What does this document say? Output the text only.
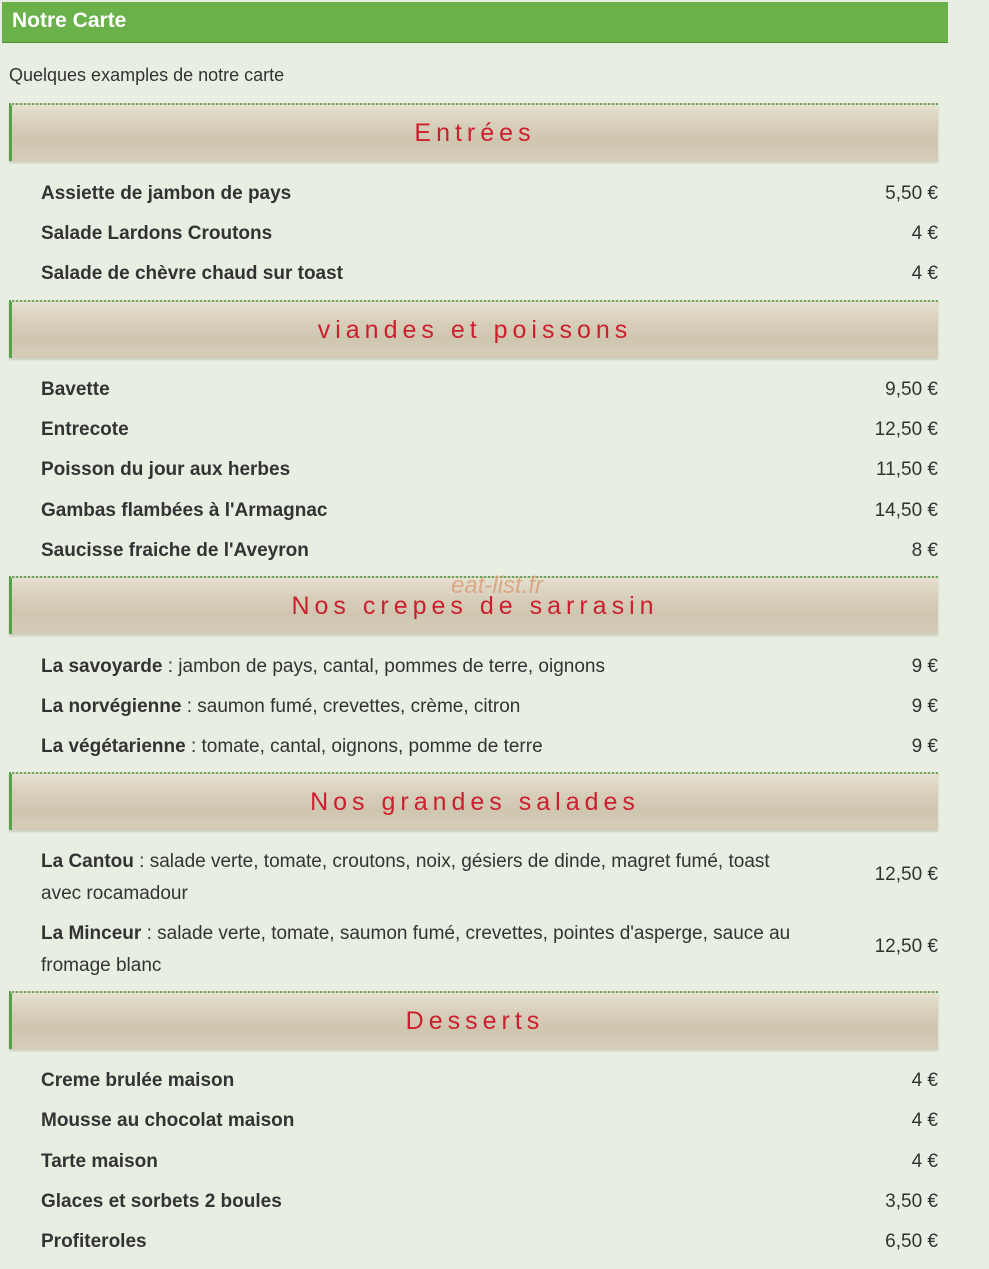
Notre Carte
Quelques examples de notre carte
Entrées
Assiette de jambon de pays	5,50 €
Salade Lardons Croutons	4 €
Salade de chèvre chaud sur toast	4 €
viandes et poissons
Bavette	9,50 €
Entrecote	12,50 €
Poisson du jour aux herbes	11,50 €
Gambas flambées à l'Armagnac	14,50 €
Saucisse fraiche de l'Aveyron	8 €
Nos crepes de sarrasin
La savoyarde : jambon de pays, cantal, pommes de terre, oignons	9 €
La norvégienne : saumon fumé, crevettes, crème, citron	9 €
La végétarienne : tomate, cantal, oignons, pomme de terre	9 €
Nos grandes salades
La Cantou : salade verte, tomate, croutons, noix, gésiers de dinde, magret fumé, toast avec rocamadour
12,50 €
La Minceur : salade verte, tomate, saumon fumé, crevettes, pointes d'asperge, sauce au fromage blanc
12,50 €
Desserts
Creme brulée maison	4 €
Mousse au chocolat maison	4 €
Tarte maison	4 €
Glaces et sorbets 2 boules	3,50 €
Profiteroles	6,50 €
eat-list.fr
